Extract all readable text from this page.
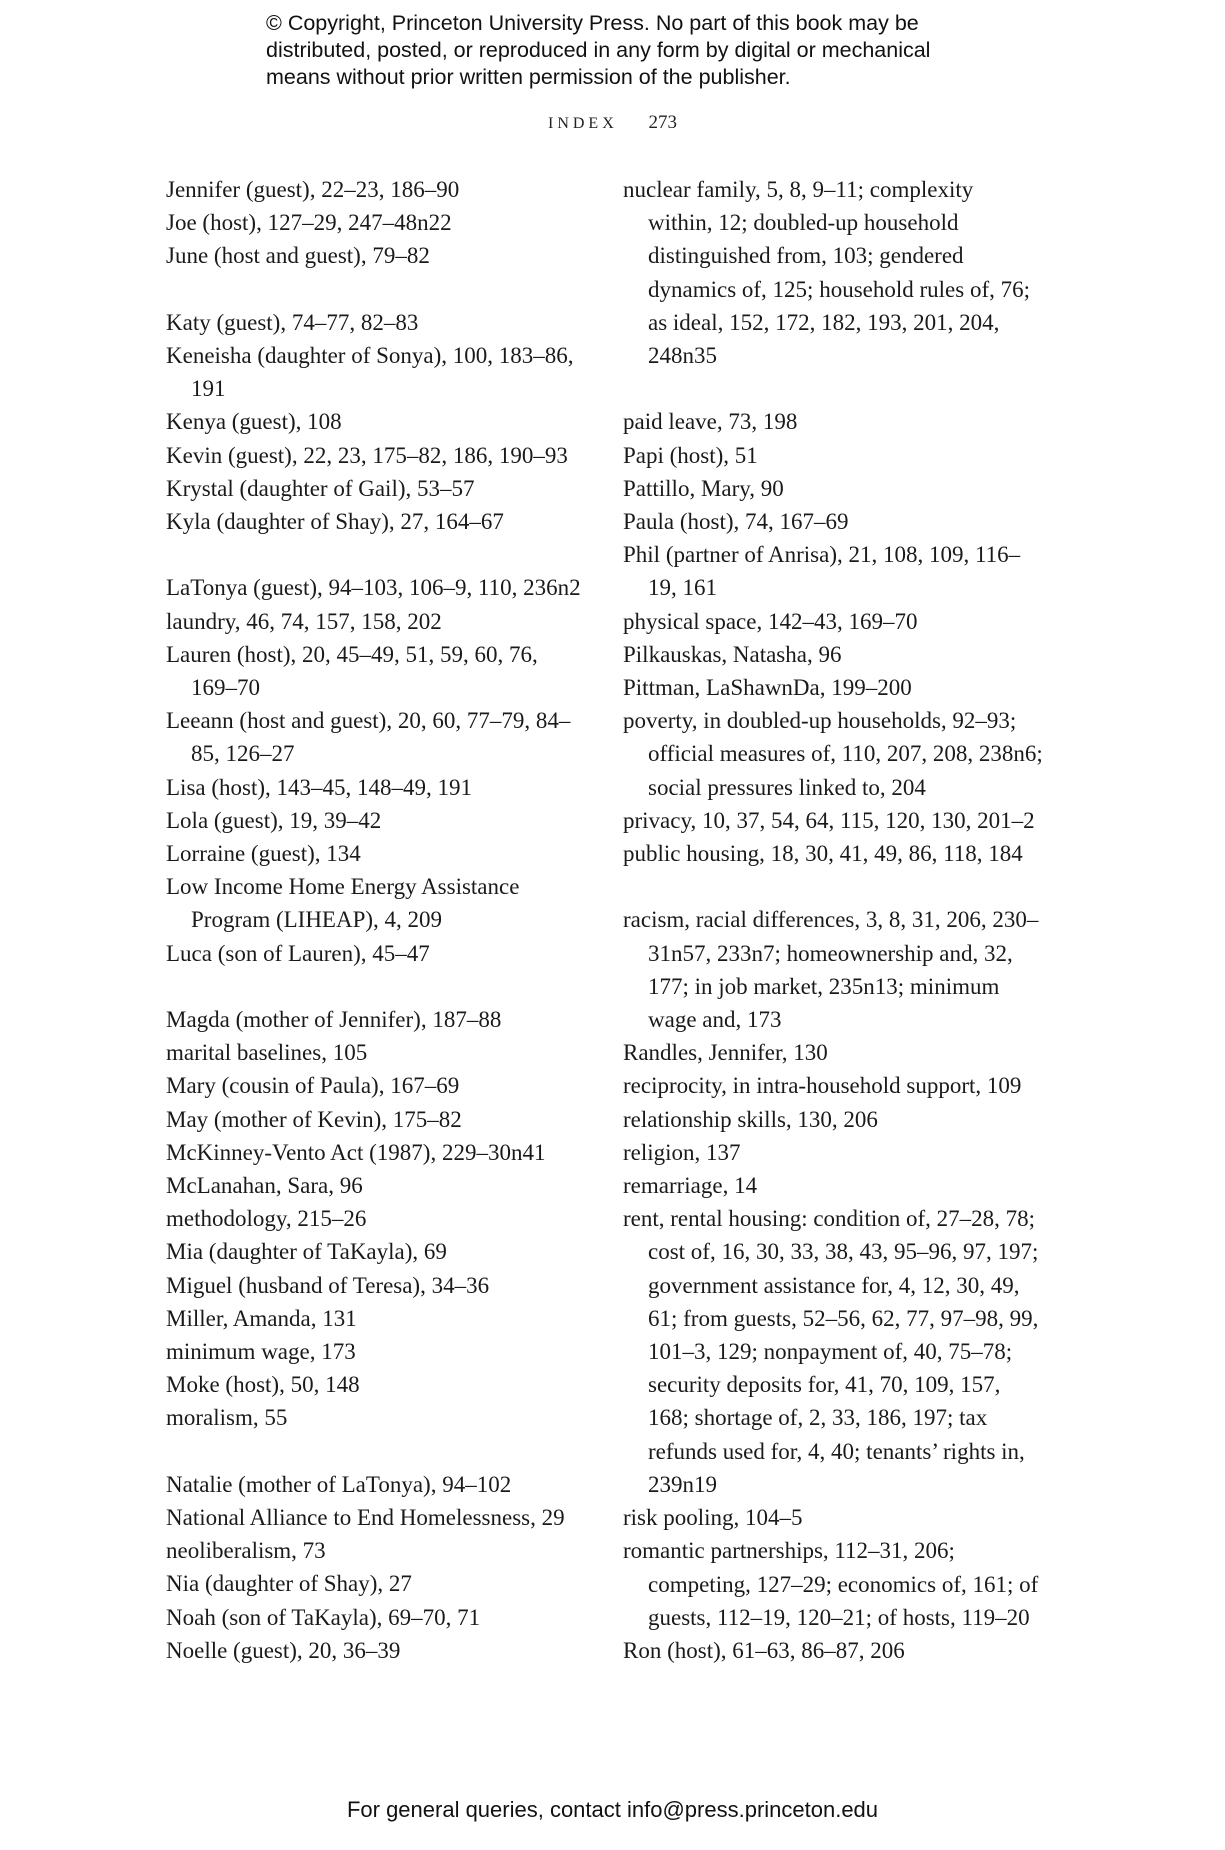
© Copyright, Princeton University Press. No part of this book may be

distributed, posted, or reproduced in any form by digital or mechanical

means without prior written permission of the publisher.

INDEX 273
Jennifer (guest), 22–23, 186–90
Joe (host), 127–29, 247–48n22
June (host and guest), 79–82
Katy (guest), 74–77, 82–83
Keneisha (daughter of Sonya), 100, 183–86, 191
Kenya (guest), 108
Kevin (guest), 22, 23, 175–82, 186, 190–93
Krystal (daughter of Gail), 53–57
Kyla (daughter of Shay), 27, 164–67
LaTonya (guest), 94–103, 106–9, 110, 236n2
laundry, 46, 74, 157, 158, 202
Lauren (host), 20, 45–49, 51, 59, 60, 76, 169–70
Leeann (host and guest), 20, 60, 77–79, 84–85, 126–27
Lisa (host), 143–45, 148–49, 191
Lola (guest), 19, 39–42
Lorraine (guest), 134
Low Income Home Energy Assistance Program (LIHEAP), 4, 209
Luca (son of Lauren), 45–47
Magda (mother of Jennifer), 187–88
marital baselines, 105
Mary (cousin of Paula), 167–69
May (mother of Kevin), 175–82
McKinney-Vento Act (1987), 229–30n41
McLanahan, Sara, 96
methodology, 215–26
Mia (daughter of TaKayla), 69
Miguel (husband of Teresa), 34–36
Miller, Amanda, 131
minimum wage, 173
Moke (host), 50, 148
moralism, 55
Natalie (mother of LaTonya), 94–102
National Alliance to End Homelessness, 29
neoliberalism, 73
Nia (daughter of Shay), 27
Noah (son of TaKayla), 69–70, 71
Noelle (guest), 20, 36–39
nuclear family, 5, 8, 9–11; complexity within, 12; doubled-up household distinguished from, 103; gendered dynamics of, 125; household rules of, 76; as ideal, 152, 172, 182, 193, 201, 204, 248n35
paid leave, 73, 198
Papi (host), 51
Pattillo, Mary, 90
Paula (host), 74, 167–69
Phil (partner of Anrisa), 21, 108, 109, 116–19, 161
physical space, 142–43, 169–70
Pilkauskas, Natasha, 96
Pittman, LaShawnDa, 199–200
poverty, in doubled-up households, 92–93; official measures of, 110, 207, 208, 238n6; social pressures linked to, 204
privacy, 10, 37, 54, 64, 115, 120, 130, 201–2
public housing, 18, 30, 41, 49, 86, 118, 184
racism, racial differences, 3, 8, 31, 206, 230–31n57, 233n7; homeownership and, 32, 177; in job market, 235n13; minimum wage and, 173
Randles, Jennifer, 130
reciprocity, in intra-household support, 109
relationship skills, 130, 206
religion, 137
remarriage, 14
rent, rental housing: condition of, 27–28, 78; cost of, 16, 30, 33, 38, 43, 95–96, 97, 197; government assistance for, 4, 12, 30, 49, 61; from guests, 52–56, 62, 77, 97–98, 99, 101–3, 129; nonpayment of, 40, 75–78; security deposits for, 41, 70, 109, 157, 168; shortage of, 2, 33, 186, 197; tax refunds used for, 4, 40; tenants’ rights in, 239n19
risk pooling, 104–5
romantic partnerships, 112–31, 206; competing, 127–29; economics of, 161; of guests, 112–19, 120–21; of hosts, 119–20
Ron (host), 61–63, 86–87, 206
For general queries, contact info@press.princeton.edu
